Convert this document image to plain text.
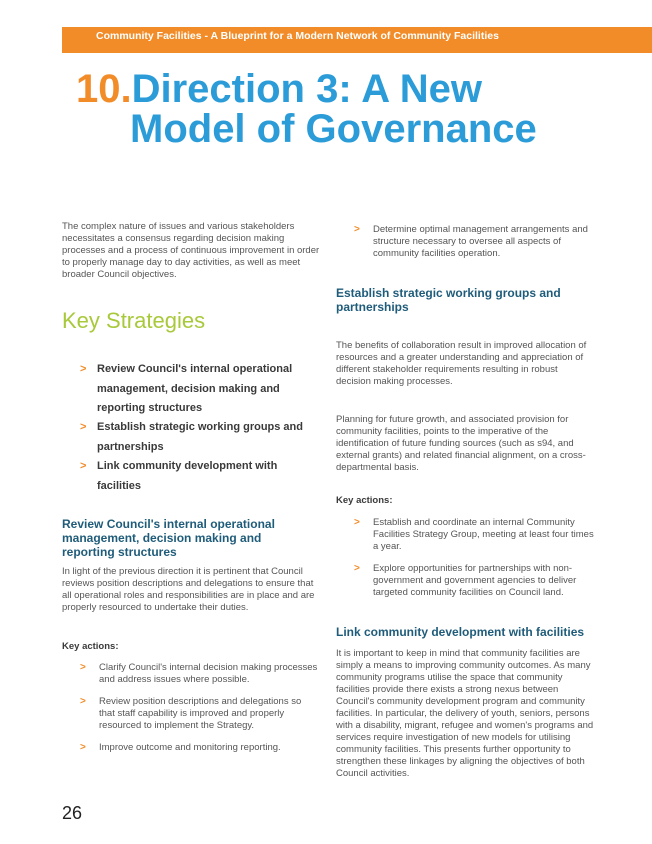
Community Facilities - A Blueprint for a Modern Network of Community Facilities
10.Direction 3: A New
Model of Governance
The complex nature of issues and various stakeholders necessitates a consensus regarding decision making processes and a process of continuous improvement in order to properly manage day to day activities, as well as meet broader Council objectives.
Key Strategies
> Review Council's internal operational management, decision making and reporting structures
> Establish strategic working groups and partnerships
> Link community development with facilities
Review Council's internal operational management, decision making and reporting structures
In light of the previous direction it is pertinent that Council reviews position descriptions and delegations to ensure that all operational roles and responsibilities are in place and are properly resourced to undertake their duties.
Key actions:
> Clarify Council's internal decision making processes and address issues where possible.
> Review position descriptions and delegations so that staff capability is improved and properly resourced to implement the Strategy.
> Improve outcome and monitoring reporting.
> Determine optimal management arrangements and structure necessary to oversee all aspects of community facilities operation.
Establish strategic working groups and partnerships
The benefits of collaboration result in improved allocation of resources and a greater understanding and appreciation of different stakeholder requirements resulting in robust decision making processes.
Planning for future growth, and associated provision for community facilities, points to the imperative of the identification of future funding sources (such as s94, and external grants) and related financial alignment, on a cross-departmental basis.
Key actions:
> Establish and coordinate an internal Community Facilities Strategy Group, meeting at least four times a year.
> Explore opportunities for partnerships with non-government and government agencies to deliver targeted community facilities on Council land.
Link community development with facilities
It is important to keep in mind that community facilities are simply a means to improving community outcomes. As many community programs utilise the space that community facilities provide there exists a strong nexus between Council's community development program and community facilities. In particular, the delivery of youth, seniors, persons with a disability, migrant, refugee and women's programs and services require investigation of new models for utilising community facilities. This presents further opportunity to strengthen these linkages by aligning the objectives of both Council activities.
26
